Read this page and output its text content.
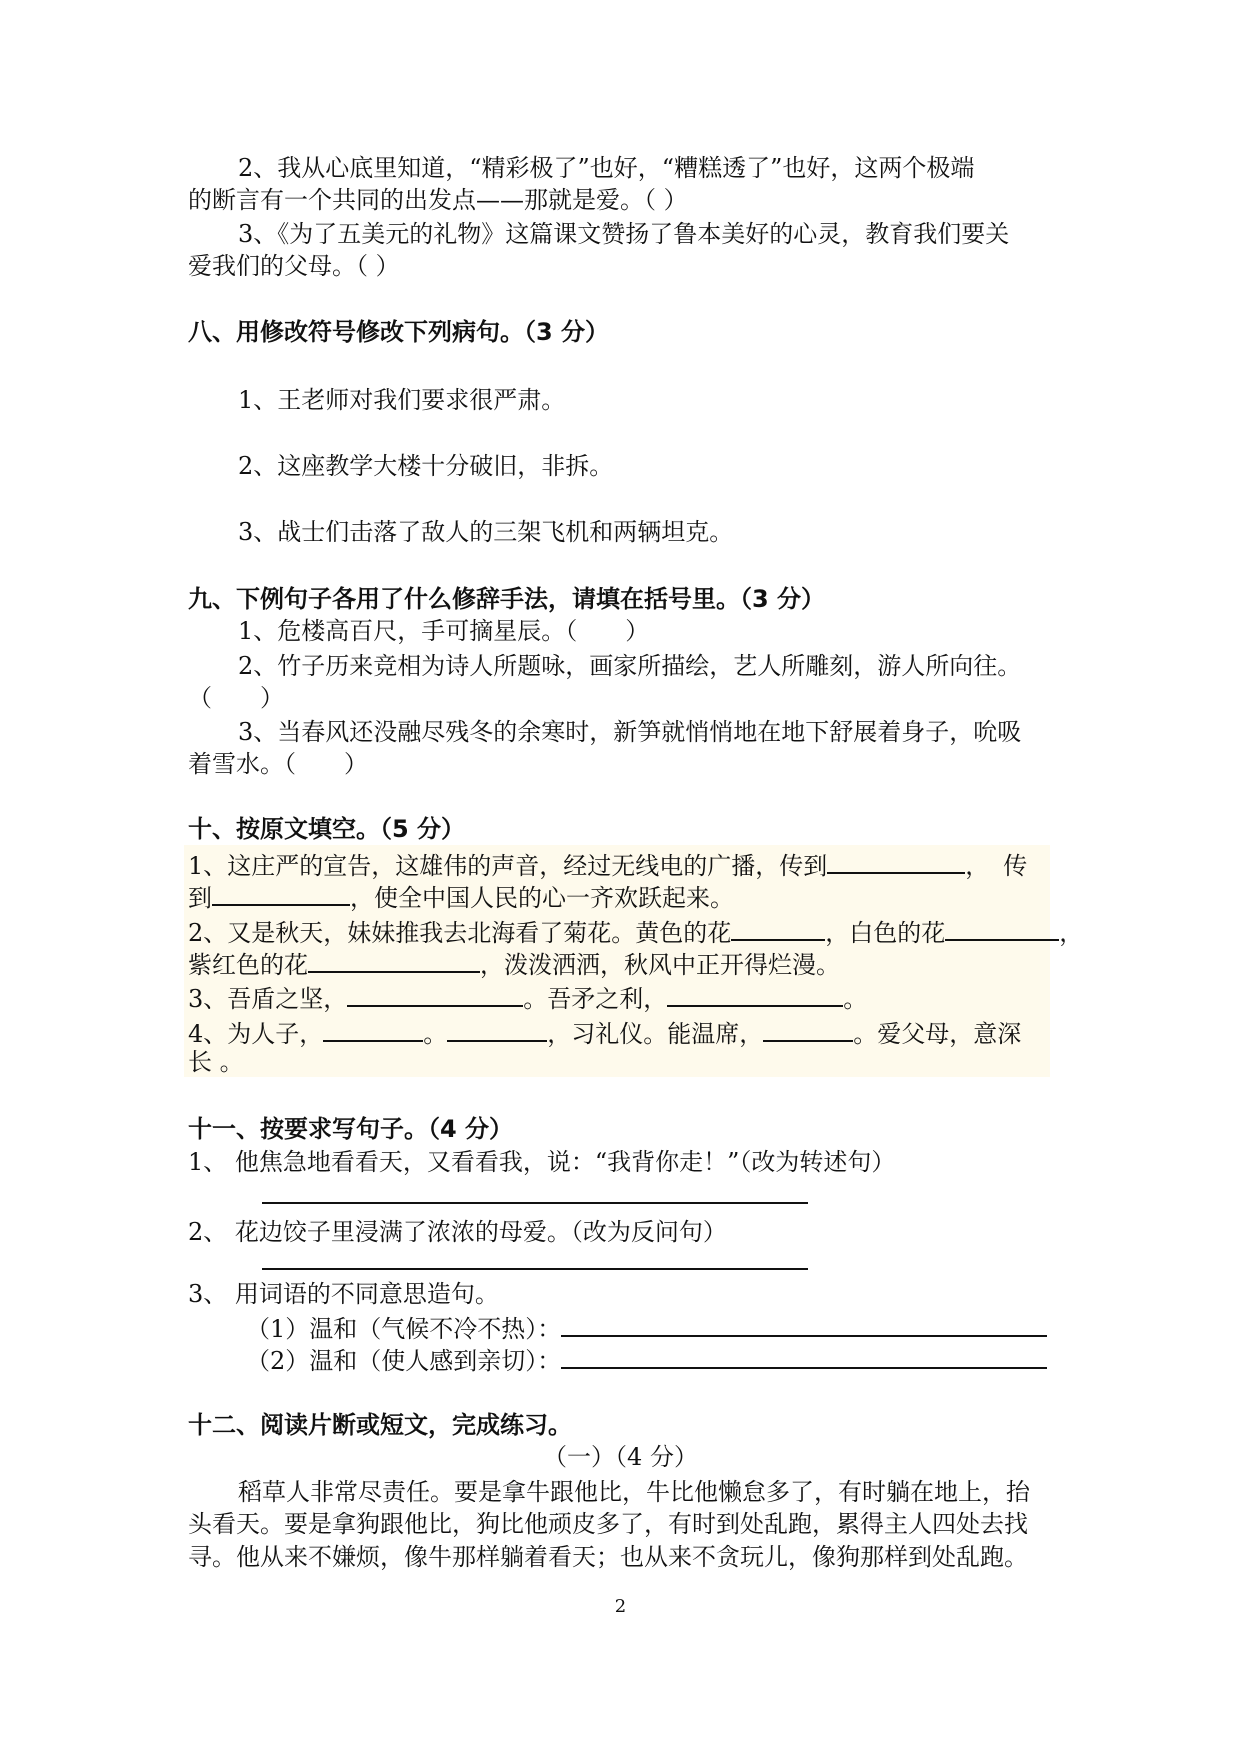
2、我从心底里知道，“精彩极了”也好，“糟糕透了”也好，这两个极端
的断言有一个共同的出发点——那就是爱。（ ）
3、《为了五美元的礼物》这篇课文赞扬了鲁本美好的心灵，教育我们要关
爱我们的父母。（ ）
八、用修改符号修改下列病句。（3 分）
1、王老师对我们要求很严肃。
2、这座教学大楼十分破旧，非拆。
3、战士们击落了敌人的三架飞机和两辆坦克。
九、下例句子各用了什么修辞手法，请填在括号里。（3 分）
1、危楼高百尺，手可摘星辰。（　　）
2、竹子历来竞相为诗人所题咏，画家所描绘，艺人所雕刻，游人所向往。
（　　）
3、当春风还没融尽残冬的余寒时，新笋就悄悄地在地下舒展着身子，吮吸
着雪水。（　　）
十、按原文填空。（5 分）
1、这庄严的宣告，这雄伟的声音，经过无线电的广播，传到	，传
到	，使全中国人民的心一齐欢跃起来。
2、又是秋天，妹妹推我去北海看了菊花。黄色的花	，白色的花	，
紫红色的花	，泼泼洒洒，秋风中正开得烂漫。
3、吾盾之坚，	。吾矛之利，	。
4、为人子，	。	，习礼仪。能温席，	。爱父母，意深
长 。
十一、按要求写句子。（4 分）
1、 他焦急地看看天，又看看我，说：“我背你走！”（改为转述句）
2、 花边饺子里浸满了浓浓的母爱。（改为反问句）
3、 用词语的不同意思造句。
（1）温和（气候不冷不热）：
（2）温和（使人感到亲切）：
十二、阅读片断或短文，完成练习。
（一）（4 分）
稻草人非常尽责任。要是拿牛跟他比，牛比他懒怠多了，有时躺在地上，抬
头看天。要是拿狗跟他比，狗比他顽皮多了，有时到处乱跑，累得主人四处去找
寻。他从来不嫌烦，像牛那样躺着看天；也从来不贪玩儿，像狗那样到处乱跑。
2
